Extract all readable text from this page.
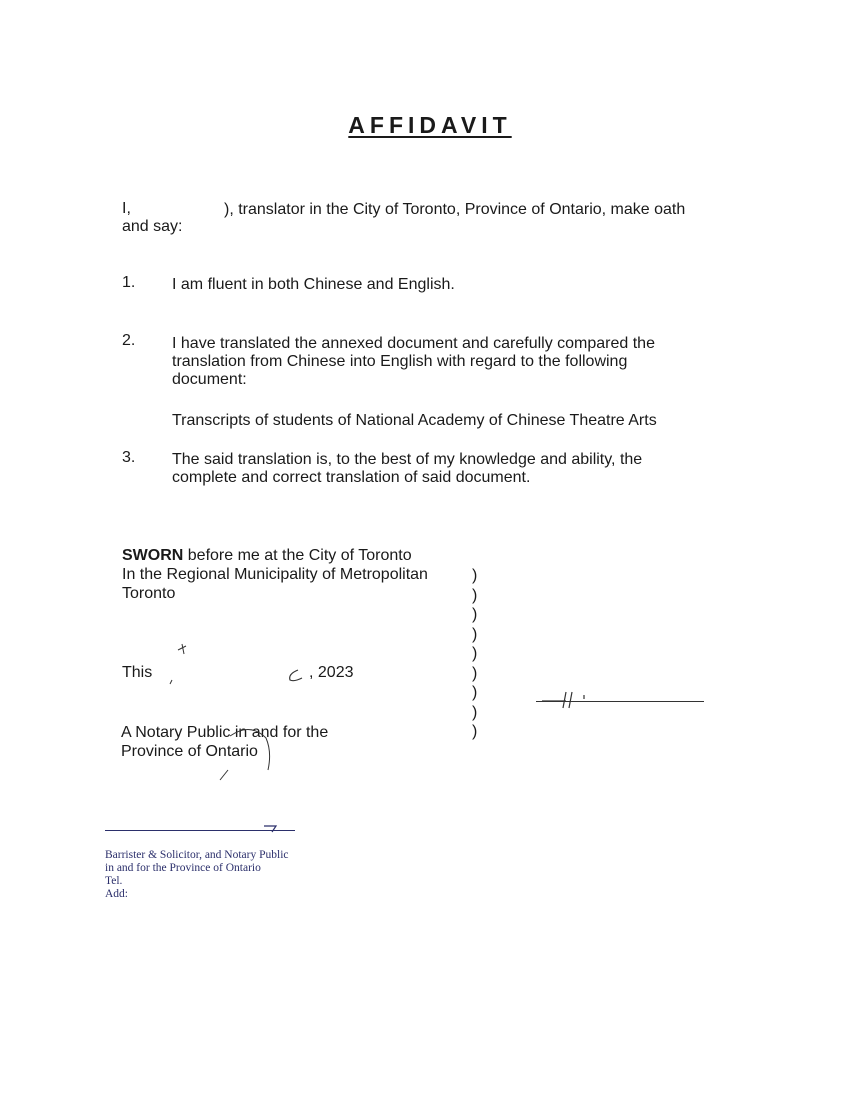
AFFIDAVIT
I,	), translator in the City of Toronto, Province of Ontario, make oath
and say:
1. I am fluent in both Chinese and English.
2. I have translated the annexed document and carefully compared the
translation from Chinese into English with regard to the following
document:
Transcripts of students of National Academy of Chinese Theatre Arts
3. The said translation is, to the best of my knowledge and ability, the
complete and correct translation of said document.
SWORN before me at the City of Toronto
In the Regional Municipality of Metropolitan
Toronto
)
)
)
)
)
)
)
)
)
This	, 2023
A Notary Public in and for the
Province of Ontario
Barrister & Solicitor, and Notary Public
in and for the Province of Ontario
Tel.
Add:
